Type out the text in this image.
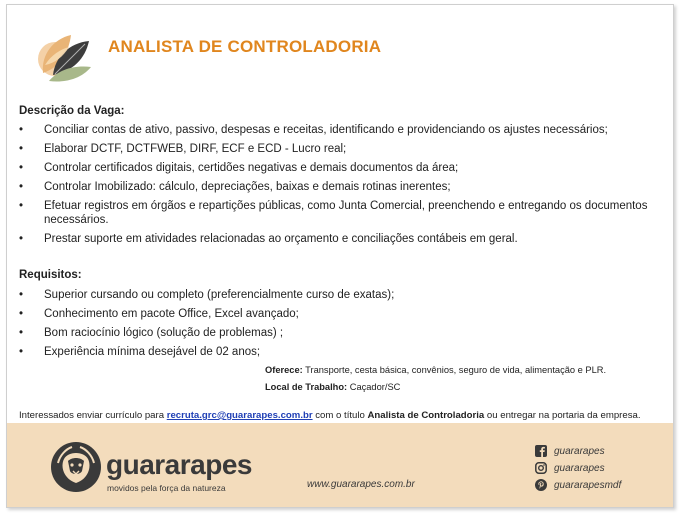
ANALISTA DE CONTROLADORIA
Descrição da Vaga:
• Conciliar contas de ativo, passivo, despesas e receitas, identificando e providenciando os ajustes necessários;
• Elaborar DCTF, DCTFWEB, DIRF, ECF e ECD - Lucro real;
• Controlar certificados digitais, certidões negativas e demais documentos da área;
• Controlar Imobilizado: cálculo, depreciações, baixas e demais rotinas inerentes;
• Efetuar registros em órgãos e repartições públicas, como Junta Comercial, preenchendo e entregando os documentos necessários.
• Prestar suporte em atividades relacionadas ao orçamento e conciliações contábeis em geral.
Requisitos:
• Superior cursando ou completo (preferencialmente curso de exatas);
• Conhecimento em pacote Office, Excel avançado;
• Bom raciocínio lógico (solução de problemas) ;
• Experiência mínima desejável de 02 anos;
Oferece: Transporte, cesta básica, convênios, seguro de vida, alimentação e PLR.
Local de Trabalho: Caçador/SC
Interessados enviar currículo para recruta.grc@guararapes.com.br com o título Analista de Controladoria ou entregar na portaria da empresa.
guararapes
movidos pela força da natureza	www.guararapes.com.br
guararapes
guararapes
guararapesmdf
